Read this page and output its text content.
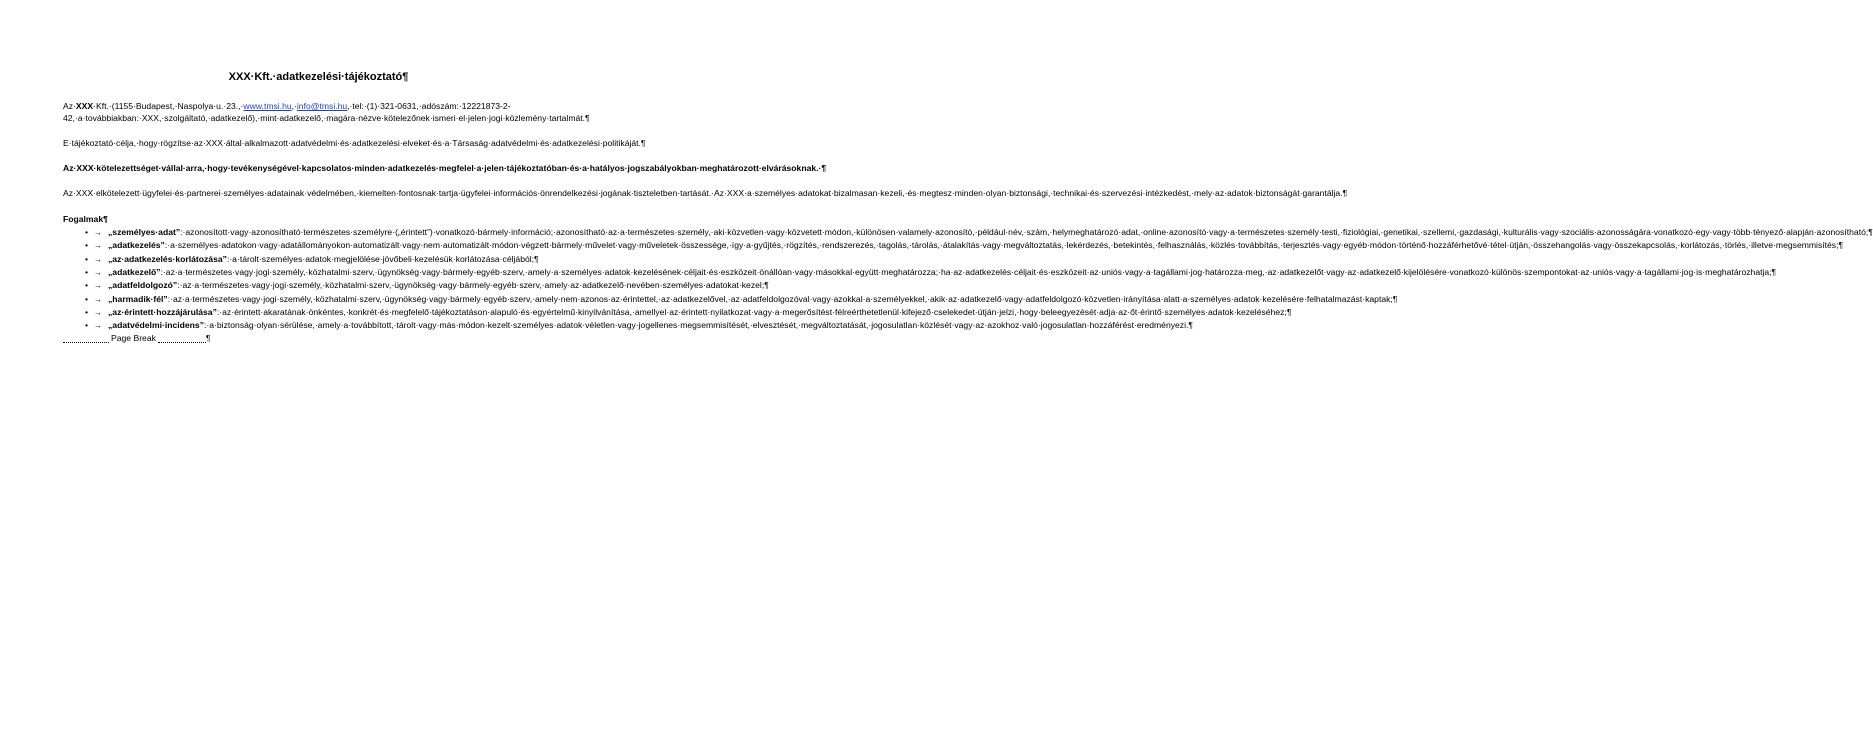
XXX·Kft.·adatkezelési·tájékoztató¶

Az·XXX·Kft.·(1155·Budapest,·Naspolya·u.·23.,·www.tmsi.hu,·info@tmsi.hu,·tel:·(1)·321-0631,·adószám:·12221873-2-42,·a·továbbiakban:·XXX,·szolgáltató,·adatkezelő),·mint·adatkezelő,·magára·nézve·kötelezőnek·ismeri·el·jelen·jogi·közlemény·tartalmát.¶

E·tájékoztató·célja,·hogy·rögzítse·az·XXX·által·alkalmazott·adatvédelmi·és·adatkezelési·elveket·és·a·Társaság·adatvédelmi·és·adatkezelési·politikáját.¶

Az·XXX·kötelezettséget·vállal·arra,·hogy·tevékenységével·kapcsolatos·minden·adatkezelés·megfelel·a·jelen·tájékoztatóban·és·a·hatályos·jogszabályokban·meghatározott·elvárásoknak.·¶

Az·XXX·elkötelezett·ügyfelei·és·partnerei·személyes·adatainak·védelmében,·kiemelten·fontosnak·tartja·ügyfelei·információs·önrendelkezési·jogának·tiszteletben·tartását.·Az·XXX·a·személyes·adatokat·bizalmasan·kezeli,·és·megtesz·minden·olyan·biztonsági,·technikai·és·szervezési·intézkedést,·mely·az·adatok·biztonságát·garantálja.¶

Fogalmak¶
• → „személyes·adat”:·azonosított·vagy·azonosítható·természetes·személyre·(„érintett”)·vonatkozó·bármely·információ;·azonosítható·az·a·természetes·személy,·aki·közvetlen·vagy·közvetett·módon,·különösen·valamely·azonosító,·például·név,·szám,·helymeghatározó·adat,·online·azonosító·vagy·a·természetes·személy·testi,·fiziológiai,·genetikai,·szellemi,·gazdasági,·kulturális·vagy·szociális·azonosságára·vonatkozó·egy·vagy·több·tényező·alapján·azonosítható;¶
• → „adatkezelés”:·a·személyes·adatokon·vagy·adatállományokon·automatizált·vagy·nem·automatizált·módon·végzett·bármely·művelet·vagy·műveletek·összessége,·így·a·gyűjtés,·rögzítés,·rendszerezés,·tagolás,·tárolás,·átalakítás·vagy·megváltoztatás,·lekérdezés,·betekintés,·felhasználás,·közlés·továbbítás,·terjesztés·vagy·egyéb·módon·történő·hozzáférhetővé·tétel·útján,·összehangolás·vagy·összekapcsolás,·korlátozás,·törlés,·illetve·megsemmisítés;¶
• → „az·adatkezelés·korlátozása”:·a·tárolt·személyes·adatok·megjelölése·jövőbeli·kezelésük·korlátozása·céljából;¶
• → „adatkezelő”:·az·a·természetes·vagy·jogi·személy,·közhatalmi·szerv,·ügynökség·vagy·bármely·egyéb·szerv,·amely·a·személyes·adatok·kezelésének·céljait·és·eszközeit·önállóan·vagy·másokkal·együtt·meghatározza;·ha·az·adatkezelés·céljait·és·eszközeit·az·uniós·vagy·a·tagállami·jog·határozza·meg,·az·adatkezelőt·vagy·az·adatkezelő·kijelölésére·vonatkozó·különös·szempontokat·az·uniós·vagy·a·tagállami·jog·is·meghatározhatja;¶
• → „adatfeldolgozó”:·az·a·természetes·vagy·jogi·személy,·közhatalmi·szerv,·ügynökség·vagy·bármely·egyéb·szerv,·amely·az·adatkezelő·nevében·személyes·adatokat·kezel;¶
• → „harmadik·fél”:·az·a·természetes·vagy·jogi·személy,·közhatalmi·szerv,·ügynökség·vagy·bármely·egyéb·szerv,·amely·nem·azonos·az·érintettel,·az·adatkezelővel,·az·adatfeldolgozóval·vagy·azokkal·a·személyekkel,·akik·az·adatkezelő·vagy·adatfeldolgozó·közvetlen·irányítása·alatt·a·személyes·adatok·kezelésére·felhatalmazást·kaptak;¶
• → „az·érintett·hozzájárulása”:·az·érintett·akaratának·önkéntes,·konkrét·és·megfelelő·tájékoztatáson·alapuló·és·egyértelmű·kinyilvánítása,·amellyel·az·érintett·nyilatkozat·vagy·a·megerősítést·félreérthetetlenül·kifejező·cselekedet·útján·jelzi,·hogy·beleegyezését·adja·az·őt·érintő·személyes·adatok·kezeléséhez;¶
• → „adatvédelmi·incidens”:·a·biztonság·olyan·sérülése,·amely·a·továbbított,·tárolt·vagy·más·módon·kezelt·személyes·adatok·véletlen·vagy·jogellenes·megsemmisítését,·elvesztését,·megváltoztatását,·jogosulatlan·közlését·vagy·az·azokhoz·való·jogosulatlan·hozzáférést·eredményezi.¶
Page Break	¶
